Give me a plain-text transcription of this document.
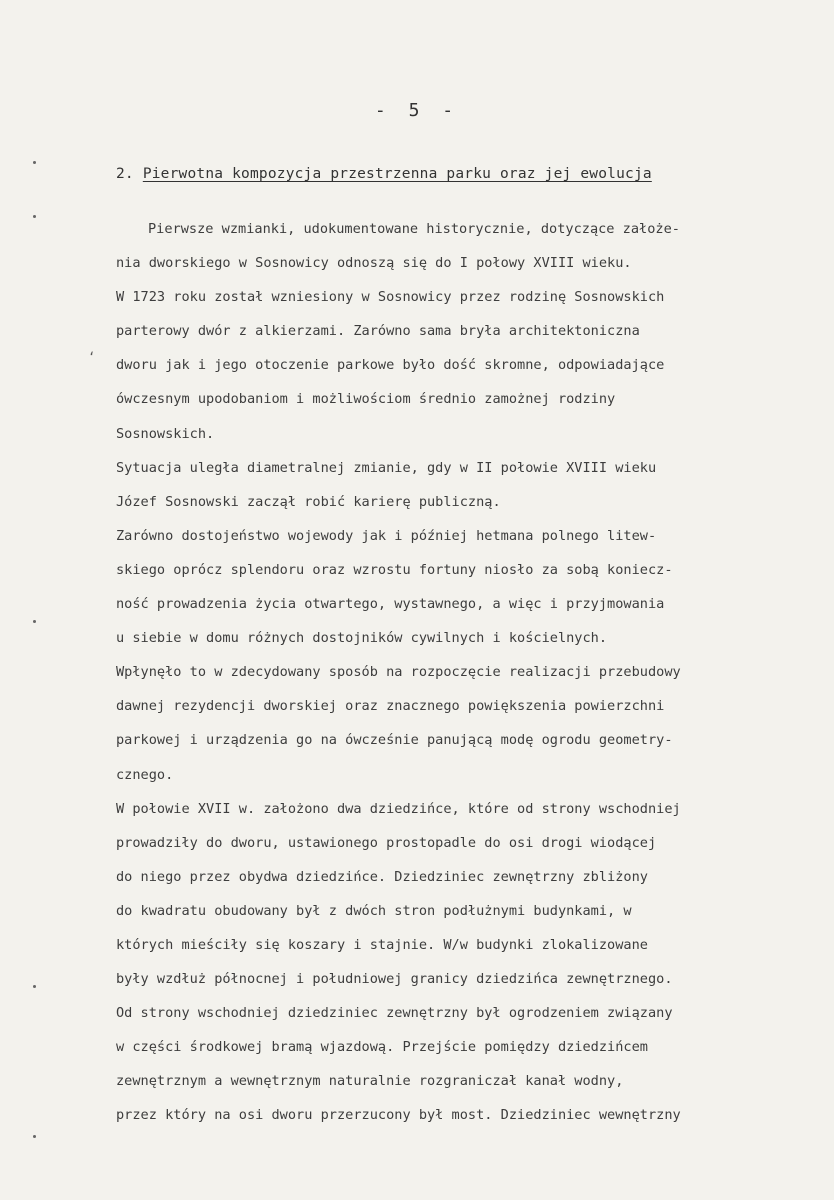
‘
- 5 -
2. Pierwotna kompozycja przestrzenna parku oraz jej ewolucja
Pierwsze wzmianki, udokumentowane historycznie, dotyczące założe-
nia dworskiego w Sosnowicy odnoszą się do I połowy XVIII wieku.
W 1723 roku został wzniesiony w Sosnowicy przez rodzinę Sosnowskich
parterowy dwór z alkierzami. Zarówno sama bryła architektoniczna
dworu jak i jego otoczenie parkowe było dość skromne, odpowiadające
ówczesnym upodobaniom i możliwościom średnio zamożnej rodziny
Sosnowskich.
Sytuacja uległa diametralnej zmianie, gdy w II połowie XVIII wieku
Józef Sosnowski zaczął robić karierę publiczną.
Zarówno dostojeństwo wojewody jak i później hetmana polnego litew-
skiego oprócz splendoru oraz wzrostu fortuny niosło za sobą koniecz-
ność prowadzenia życia otwartego, wystawnego, a więc i przyjmowania
u siebie w domu różnych dostojników cywilnych i kościelnych.
Wpłynęło to w zdecydowany sposób na rozpoczęcie realizacji przebudowy
dawnej rezydencji dworskiej oraz znacznego powiększenia powierzchni
parkowej i urządzenia go na ówcześnie panującą modę ogrodu geometry-
cznego.
W połowie XVII w. założono dwa dziedzińce, które od strony wschodniej
prowadziły do dworu, ustawionego prostopadle do osi drogi wiodącej
do niego przez obydwa dziedzińce. Dziedziniec zewnętrzny zbliżony
do kwadratu obudowany był z dwóch stron podłużnymi budynkami, w
których mieściły się koszary i stajnie. W/w budynki zlokalizowane
były wzdłuż północnej i południowej granicy dziedzińca zewnętrznego.
Od strony wschodniej dziedziniec zewnętrzny był ogrodzeniem związany
w części środkowej bramą wjazdową. Przejście pomiędzy dziedzińcem
zewnętrznym a wewnętrznym naturalnie rozgraniczał kanał wodny,
przez który na osi dworu przerzucony był most. Dziedziniec wewnętrzny
